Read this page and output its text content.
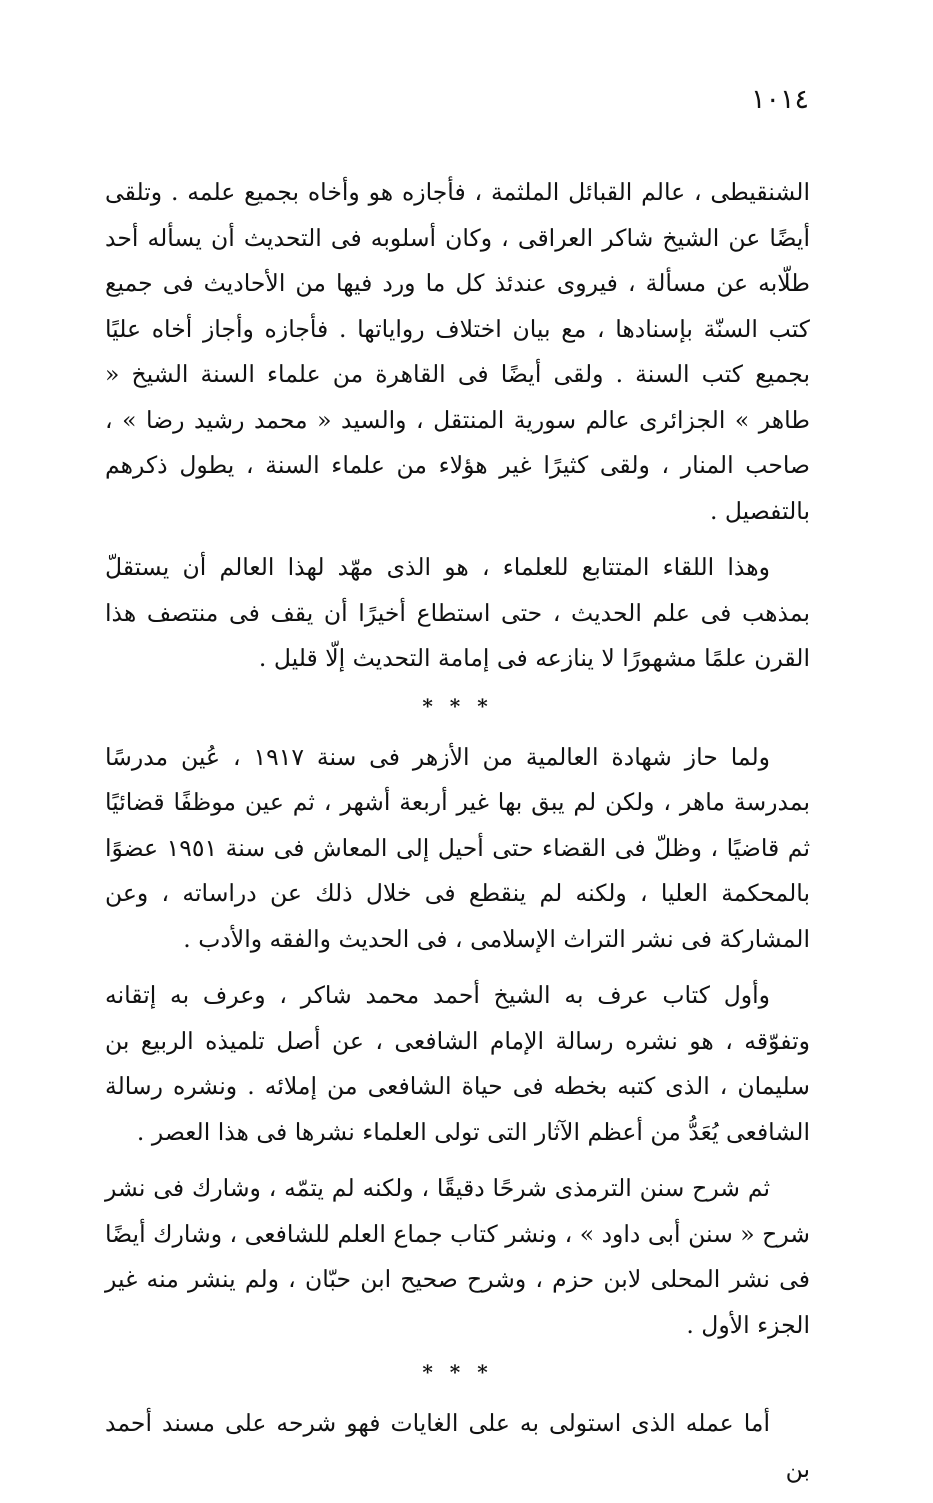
١٠١٤

الشنقيطى ، عالم القبائل الملثمة ، فأجازه هو وأخاه بجميع علمه . وتلقى أيضًا عن الشيخ شاكر العراقى ، وكان أسلوبه فى التحديث أن يسأله أحد طلّابه عن مسألة ، فيروى عندئذ كل ما ورد فيها من الأحاديث فى جميع كتب السنّة بإسنادها ، مع بيان اختلاف رواياتها . فأجازه وأجاز أخاه عليًا بجميع كتب السنة . ولقى أيضًا فى القاهرة من علماء السنة الشيخ « طاهر » الجزائرى عالم سورية المنتقل ، والسيد « محمد رشيد رضا » ، صاحب المنار ، ولقى كثيرًا غير هؤلاء من علماء السنة ، يطول ذكرهم بالتفصيل .

وهذا اللقاء المتتابع للعلماء ، هو الذى مهّد لهذا العالم أن يستقلّ بمذهب فى علم الحديث ، حتى استطاع أخيرًا أن يقف فى منتصف هذا القرن علمًا مشهورًا لا ينازعه فى إمامة التحديث إلّا قليل .

* * *

ولما حاز شهادة العالمية من الأزهر فى سنة ١٩١٧ ، عُين مدرسًا بمدرسة ماهر ، ولكن لم يبق بها غير أربعة أشهر ، ثم عين موظفًا قضائيًا ثم قاضيًا ، وظلّ فى القضاء حتى أحيل إلى المعاش فى سنة ١٩٥١ عضوًا بالمحكمة العليا ، ولكنه لم ينقطع فى خلال ذلك عن دراساته ، وعن المشاركة فى نشر التراث الإسلامى ، فى الحديث والفقه والأدب .

وأول كتاب عرف به الشيخ أحمد محمد شاكر ، وعرف به إتقانه وتفوّقه ، هو نشره رسالة الإمام الشافعى ، عن أصل تلميذه الربيع بن سليمان ، الذى كتبه بخطه فى حياة الشافعى من إملائه . ونشره رسالة الشافعى يُعَدُّ من أعظم الآثار التى تولى العلماء نشرها فى هذا العصر .

ثم شرح سنن الترمذى شرحًا دقيقًا ، ولكنه لم يتمّه ، وشارك فى نشر شرح « سنن أبى داود » ، ونشر كتاب جماع العلم للشافعى ، وشارك أيضًا فى نشر المحلى لابن حزم ، وشرح صحيح ابن حبّان ، ولم ينشر منه غير الجزء الأول .

* * *

أما عمله الذى استولى به على الغايات فهو شرحه على مسند أحمد بن
